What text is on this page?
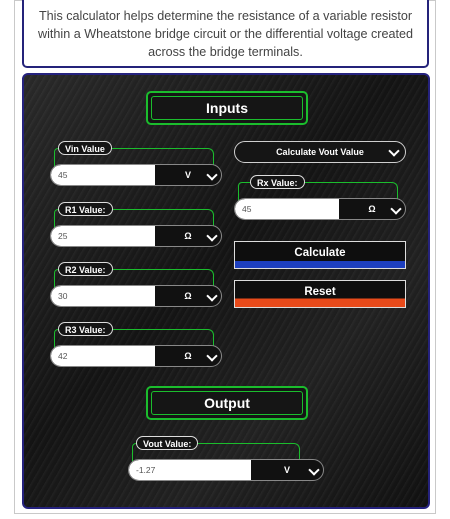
This calculator helps determine the resistance of a variable resistor within a Wheatstone bridge circuit or the differential voltage created across the bridge terminals.
Inputs
Vin Value
45	V
R1 Value:
25	Ω
R2 Value:
30	Ω
R3 Value:
42	Ω
Calculate Vout Value
Rx Value:
45	Ω
Calculate
Reset
Output
Vout Value:
-1.27	V
